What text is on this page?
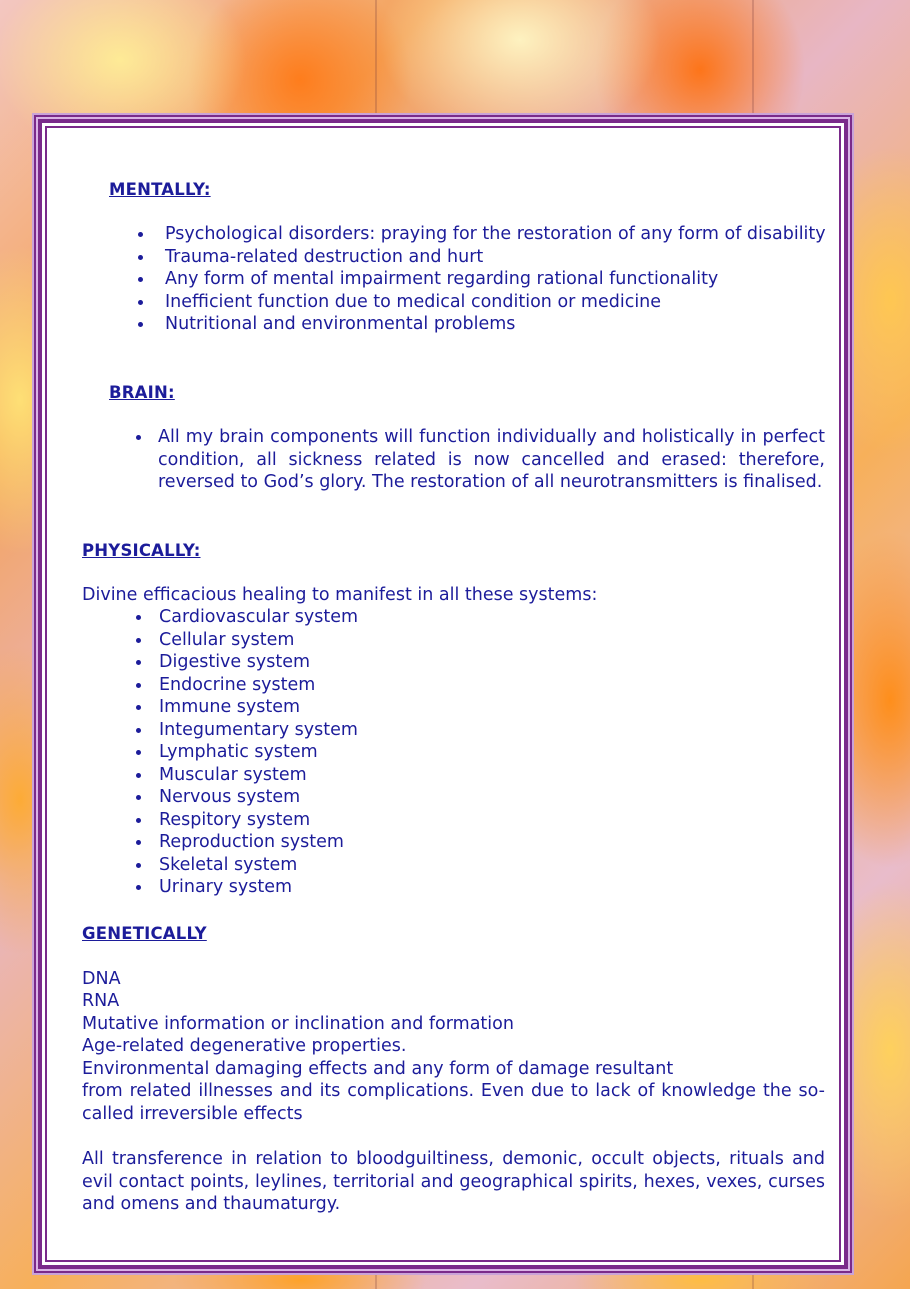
MENTALLY:
Psychological disorders: praying for the restoration of any form of disability
Trauma-related destruction and hurt
Any form of mental impairment regarding rational functionality
Inefficient function due to medical condition or medicine
Nutritional and environmental problems
BRAIN:
All my brain components will function individually and holistically in perfect condition, all sickness related is now cancelled and erased: therefore, reversed to God’s glory. The restoration of all neurotransmitters is finalised.
PHYSICALLY:
Divine efficacious healing to manifest in all these systems:
Cardiovascular system
Cellular system
Digestive system
Endocrine system
Immune system
Integumentary system
Lymphatic system
Muscular system
Nervous system
Respitory system
Reproduction system
Skeletal system
Urinary system
GENETICALLY
DNA
RNA
Mutative information or inclination and formation
Age-related degenerative properties.
Environmental damaging effects and any form of damage resultant
from related illnesses and its complications. Even due to lack of knowledge the so-called irreversible effects
All transference in relation to bloodguiltiness, demonic, occult objects, rituals and evil contact points, leylines, territorial and geographical spirits, hexes, vexes, curses and omens and thaumaturgy.
